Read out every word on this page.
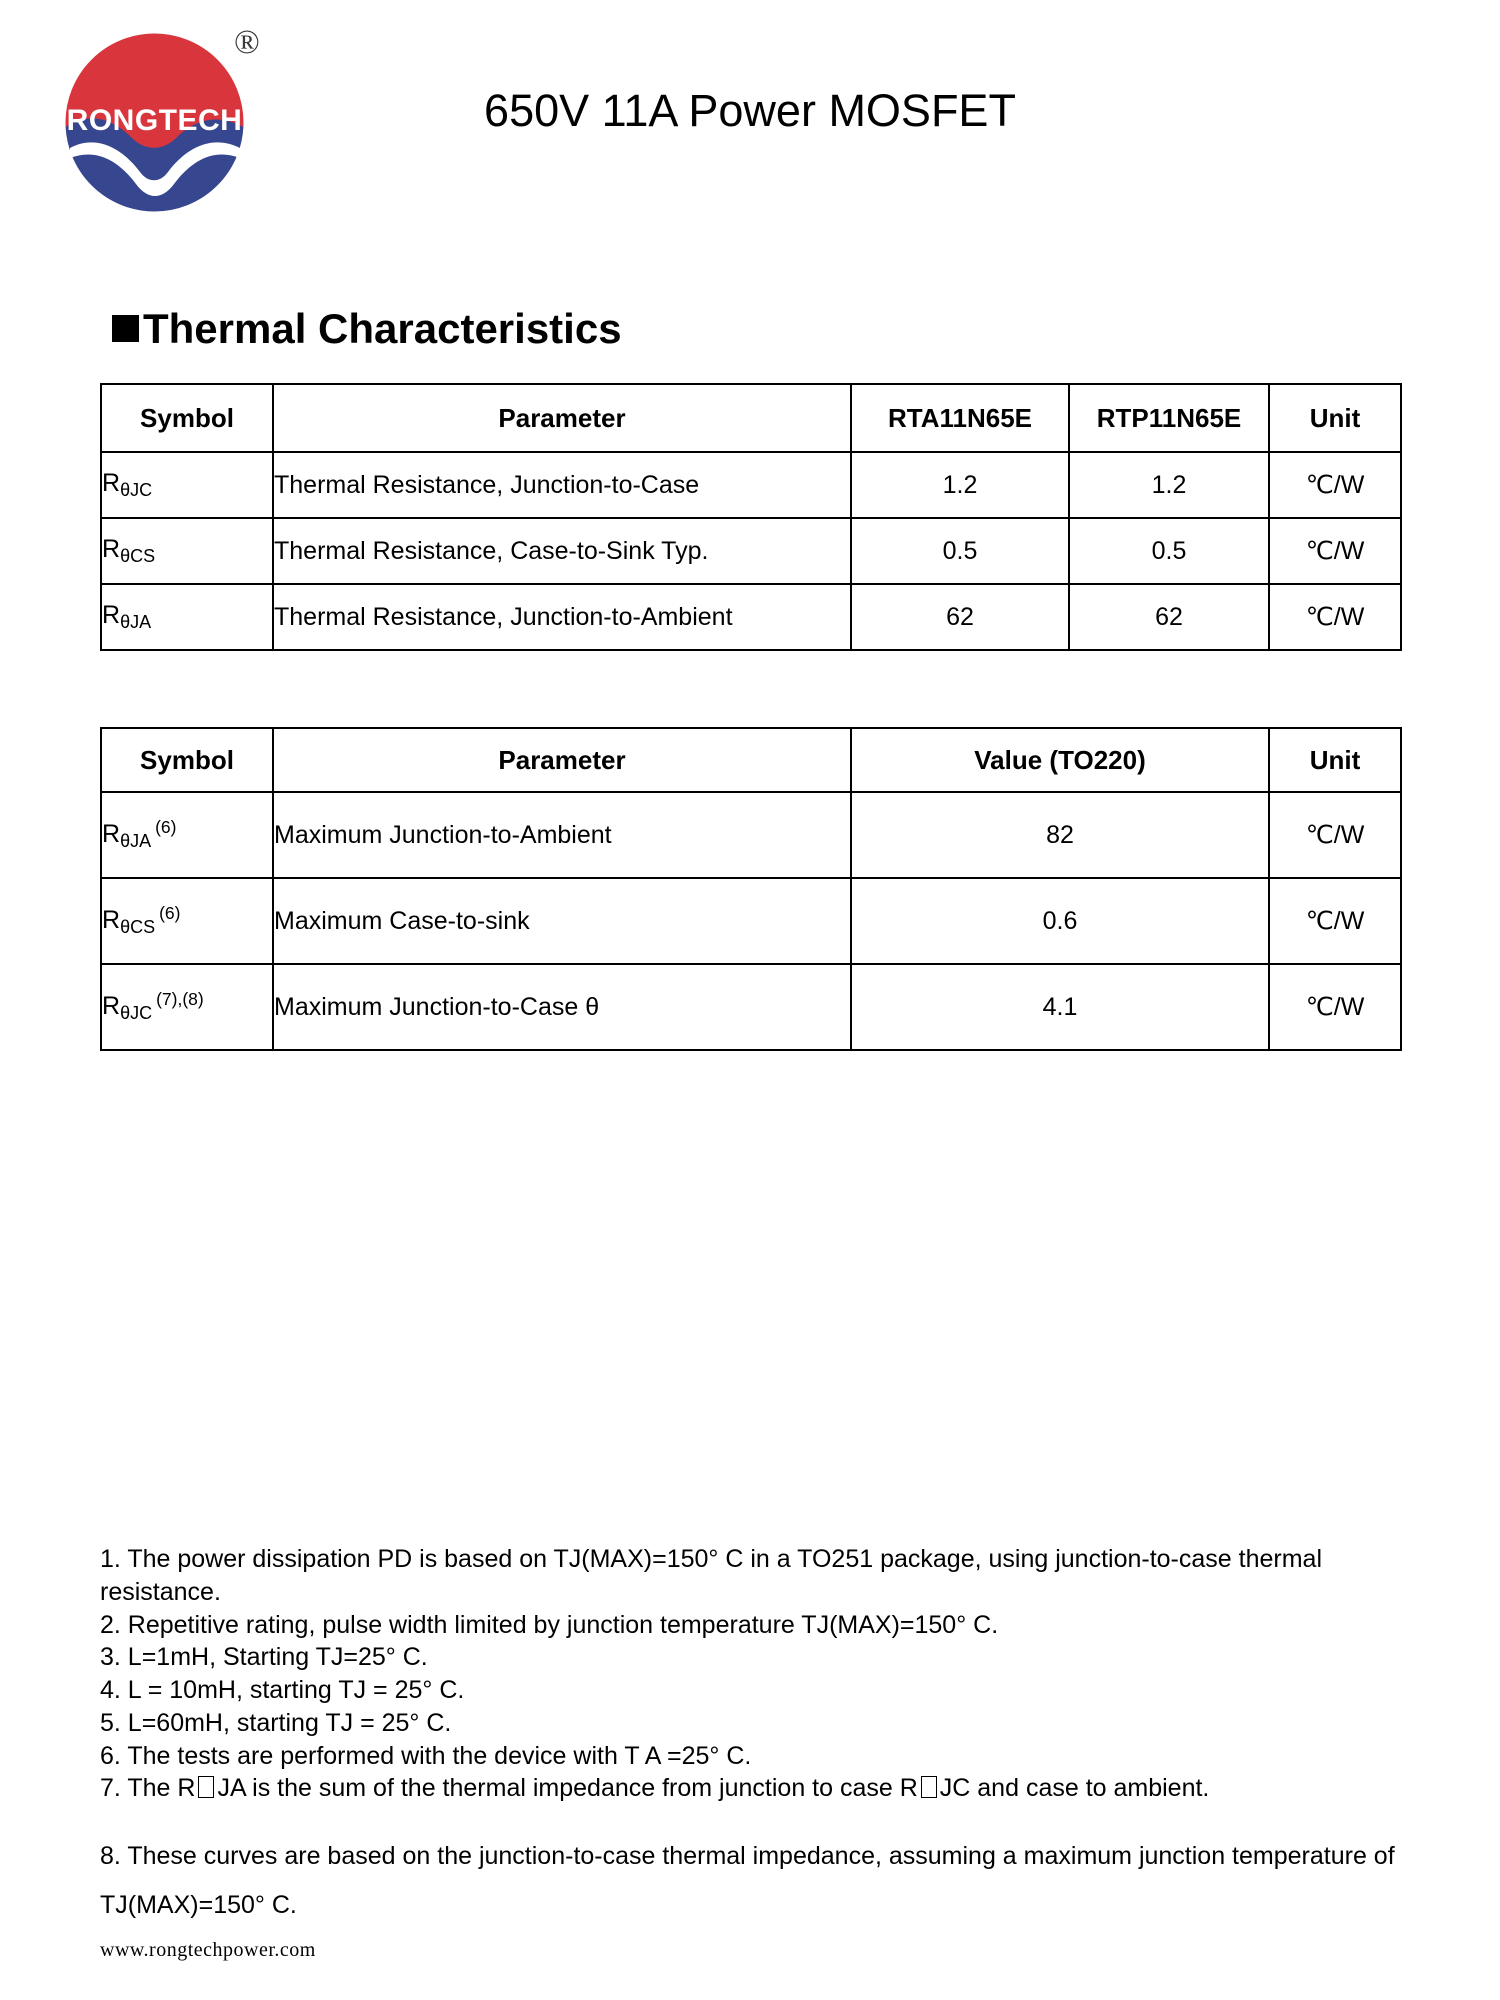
RONGTECH
®
650V 11A Power MOSFET
Thermal Characteristics
Symbol	Parameter	RTA11N65E	RTP11N65E	Unit
$R_{\theta JC}$	Thermal Resistance, Junction-to-Case	1.2	1.2	℃/W
$R_{\theta CS}$	Thermal Resistance, Case-to-Sink Typ.	0.5	0.5	℃/W
$R_{\theta JA}$	Thermal Resistance, Junction-to-Ambient	62	62	℃/W
Symbol	Parameter	Value (TO220)	Unit
$R_{\theta JA}^{(6)}$	Maximum Junction-to-Ambient	82	℃/W
$R_{\theta CS}^{(6)}$	Maximum Case-to-sink	0.6	℃/W
$R_{\theta JC}^{(7),(8)}$	Maximum Junction-to-Case θ	4.1	℃/W

1. The power dissipation PD is based on TJ(MAX)=150° C in a TO251 package, using junction-to-case thermal resistance.

2. Repetitive rating, pulse width limited by junction temperature TJ(MAX)=150° C.

3. L=1mH, Starting TJ=25° C.

4. L = 10mH, starting TJ = 25° C.

5. L=60mH, starting TJ = 25° C.

6. The tests are performed with the device with T A =25° C.

7. The R JA is the sum of the thermal impedance from junction to case R JC and case to ambient.

8. These curves are based on the junction-to-case thermal impedance, assuming a maximum junction temperature of TJ(MAX)=150° C.
www.rongtechpower.com
